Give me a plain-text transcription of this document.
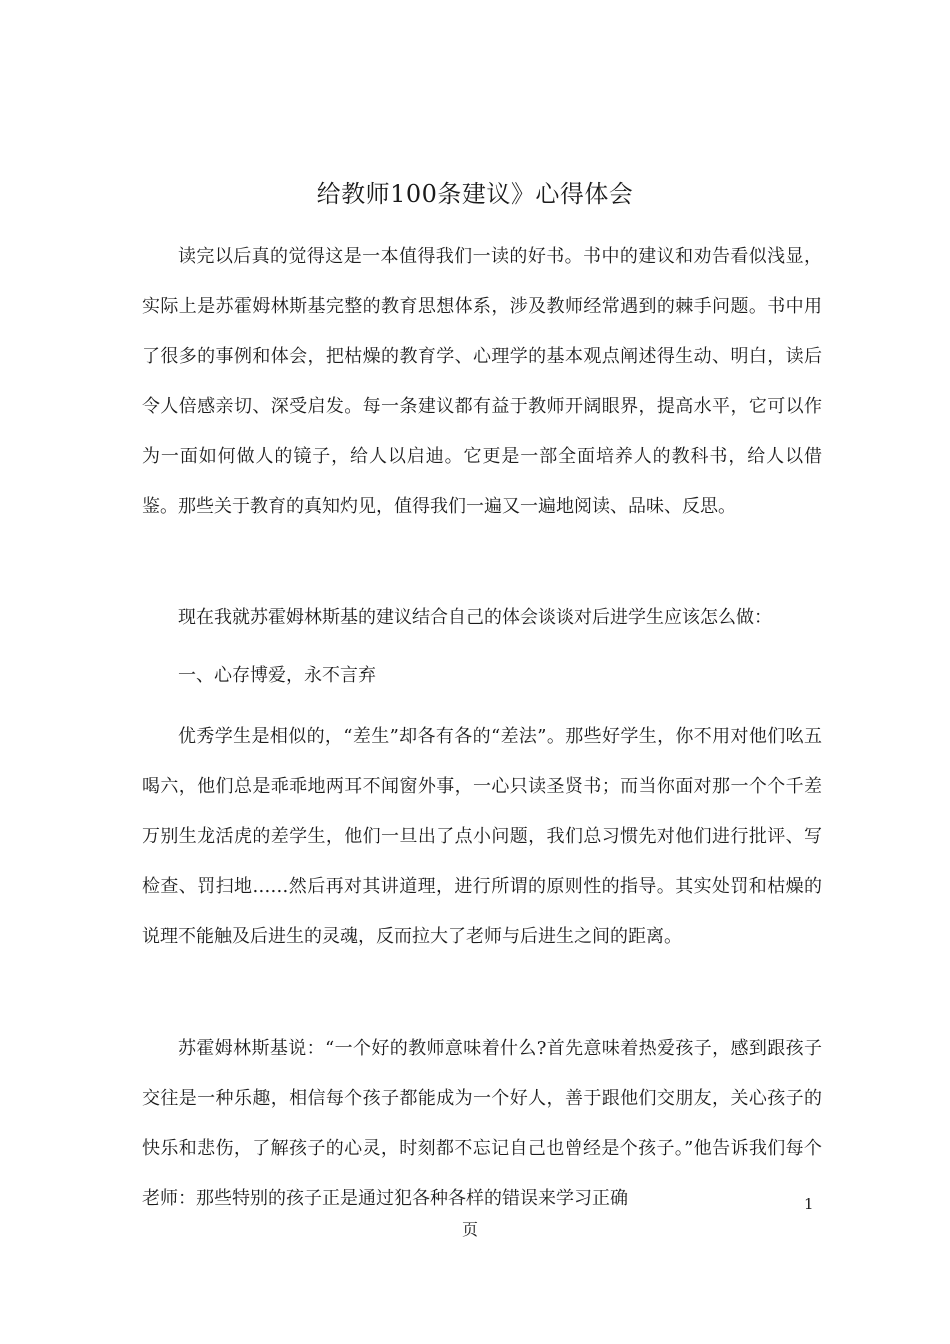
给教师100条建议》心得体会

读完以后真的觉得这是一本值得我们一读的好书。书中的建议和劝告看似浅显，实际上是苏霍姆林斯基完整的教育思想体系，涉及教师经常遇到的棘手问题。书中用了很多的事例和体会，把枯燥的教育学、心理学的基本观点阐述得生动、明白，读后令人倍感亲切、深受启发。每一条建议都有益于教师开阔眼界，提高水平，它可以作为一面如何做人的镜子，给人以启迪。它更是一部全面培养人的教科书，给人以借鉴。那些关于教育的真知灼见，值得我们一遍又一遍地阅读、品味、反思。

现在我就苏霍姆林斯基的建议结合自己的体会谈谈对后进学生应该怎么做：

一、心存博爱，永不言弃

优秀学生是相似的，“差生”却各有各的“差法”。那些好学生，你不用对他们吆五喝六，他们总是乖乖地两耳不闻窗外事，一心只读圣贤书；而当你面对那一个个千差万别生龙活虎的差学生，他们一旦出了点小问题，我们总习惯先对他们进行批评、写检查、罚扫地……然后再对其讲道理，进行所谓的原则性的指导。其实处罚和枯燥的说理不能触及后进生的灵魂，反而拉大了老师与后进生之间的距离。

苏霍姆林斯基说：“一个好的教师意味着什么?首先意味着热爱孩子，感到跟孩子交往是一种乐趣，相信每个孩子都能成为一个好人，善于跟他们交朋友，关心孩子的快乐和悲伤，了解孩子的心灵，时刻都不忘记自己也曾经是个孩子。”他告诉我们每个老师：那些特别的孩子正是通过犯各种各样的错误来学习正确	1
页
